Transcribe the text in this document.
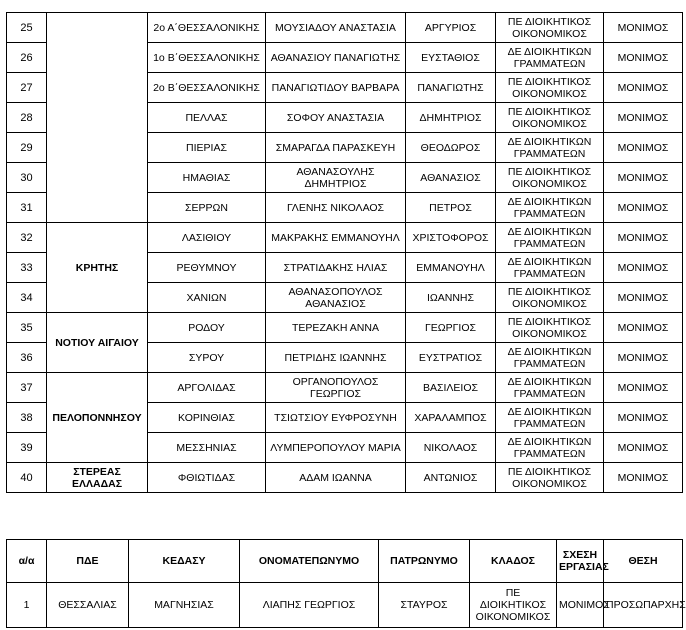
25		2ο Α΄ΘΕΣΣΑΛΟΝΙΚΗΣ	ΜΟΥΣΙΑΔΟΥ ΑΝΑΣΤΑΣΙΑ	ΑΡΓΥΡΙΟΣ	ΠΕ ΔΙΟΙΚΗΤΙΚΟΣ ΟΙΚΟΝΟΜΙΚΟΣ	ΜΟΝΙΜΟΣ
26		1ο Β΄ΘΕΣΣΑΛΟΝΙΚΗΣ	ΑΘΑΝΑΣΙΟΥ ΠΑΝΑΓΙΩΤΗΣ	ΕΥΣΤΑΘΙΟΣ	ΔΕ ΔΙΟΙΚΗΤΙΚΩΝ ΓΡΑΜΜΑΤΕΩΝ	ΜΟΝΙΜΟΣ
27		2ο Β΄ΘΕΣΣΑΛΟΝΙΚΗΣ	ΠΑΝΑΓΙΩΤΙΔΟΥ ΒΑΡΒΑΡΑ	ΠΑΝΑΓΙΩΤΗΣ	ΠΕ ΔΙΟΙΚΗΤΙΚΟΣ ΟΙΚΟΝΟΜΙΚΟΣ	ΜΟΝΙΜΟΣ
28		ΠΕΛΛΑΣ	ΣΟΦΟΥ ΑΝΑΣΤΑΣΙΑ	ΔΗΜΗΤΡΙΟΣ	ΠΕ ΔΙΟΙΚΗΤΙΚΟΣ ΟΙΚΟΝΟΜΙΚΟΣ	ΜΟΝΙΜΟΣ
29		ΠΙΕΡΙΑΣ	ΣΜΑΡΑΓΔΑ ΠΑΡΑΣΚΕΥΗ	ΘΕΟΔΩΡΟΣ	ΔΕ ΔΙΟΙΚΗΤΙΚΩΝ ΓΡΑΜΜΑΤΕΩΝ	ΜΟΝΙΜΟΣ
30		ΗΜΑΘΙΑΣ	ΑΘΑΝΑΣΟΥΛΗΣ ΔΗΜΗΤΡΙΟΣ	ΑΘΑΝΑΣΙΟΣ	ΠΕ ΔΙΟΙΚΗΤΙΚΟΣ ΟΙΚΟΝΟΜΙΚΟΣ	ΜΟΝΙΜΟΣ
31		ΣΕΡΡΩΝ	ΓΛΕΝΗΣ ΝΙΚΟΛΑΟΣ	ΠΕΤΡΟΣ	ΔΕ ΔΙΟΙΚΗΤΙΚΩΝ ΓΡΑΜΜΑΤΕΩΝ	ΜΟΝΙΜΟΣ
32	ΚΡΗΤΗΣ	ΛΑΣΙΘΙΟΥ	ΜΑΚΡΑΚΗΣ ΕΜΜΑΝΟΥΗΛ	ΧΡΙΣΤΟΦΟΡΟΣ	ΔΕ ΔΙΟΙΚΗΤΙΚΩΝ ΓΡΑΜΜΑΤΕΩΝ	ΜΟΝΙΜΟΣ
33		ΡΕΘΥΜΝΟΥ	ΣΤΡΑΤΙΔΑΚΗΣ ΗΛΙΑΣ	ΕΜΜΑΝΟΥΗΛ	ΔΕ ΔΙΟΙΚΗΤΙΚΩΝ ΓΡΑΜΜΑΤΕΩΝ	ΜΟΝΙΜΟΣ
34		ΧΑΝΙΩΝ	ΑΘΑΝΑΣΟΠΟΥΛΟΣ ΑΘΑΝΑΣΙΟΣ	ΙΩΑΝΝΗΣ	ΠΕ ΔΙΟΙΚΗΤΙΚΟΣ ΟΙΚΟΝΟΜΙΚΟΣ	ΜΟΝΙΜΟΣ
35	ΝΟΤΙΟΥ ΑΙΓΑΙΟΥ	ΡΟΔΟΥ	ΤΕΡΕΖΑΚΗ ΑΝΝΑ	ΓΕΩΡΓΙΟΣ	ΠΕ ΔΙΟΙΚΗΤΙΚΟΣ ΟΙΚΟΝΟΜΙΚΟΣ	ΜΟΝΙΜΟΣ
36		ΣΥΡΟΥ	ΠΕΤΡΙΔΗΣ ΙΩΑΝΝΗΣ	ΕΥΣΤΡΑΤΙΟΣ	ΔΕ ΔΙΟΙΚΗΤΙΚΩΝ ΓΡΑΜΜΑΤΕΩΝ	ΜΟΝΙΜΟΣ
37	ΠΕΛΟΠΟΝΝΗΣΟΥ	ΑΡΓΟΛΙΔΑΣ	ΟΡΓΑΝΟΠΟΥΛΟΣ ΓΕΩΡΓΙΟΣ	ΒΑΣΙΛΕΙΟΣ	ΔΕ ΔΙΟΙΚΗΤΙΚΩΝ ΓΡΑΜΜΑΤΕΩΝ	ΜΟΝΙΜΟΣ
38		ΚΟΡΙΝΘΙΑΣ	ΤΣΙΩΤΣΙΟΥ ΕΥΦΡΟΣΥΝΗ	ΧΑΡΑΛΑΜΠΟΣ	ΔΕ ΔΙΟΙΚΗΤΙΚΩΝ ΓΡΑΜΜΑΤΕΩΝ	ΜΟΝΙΜΟΣ
39		ΜΕΣΣΗΝΙΑΣ	ΛΥΜΠΕΡΟΠΟΥΛΟΥ ΜΑΡΙΑ	ΝΙΚΟΛΑΟΣ	ΔΕ ΔΙΟΙΚΗΤΙΚΩΝ ΓΡΑΜΜΑΤΕΩΝ	ΜΟΝΙΜΟΣ
40	ΣΤΕΡΕΑΣ ΕΛΛΑΔΑΣ	ΦΘΙΩΤΙΔΑΣ	ΑΔΑΜ ΙΩΑΝΝΑ	ΑΝΤΩΝΙΟΣ	ΠΕ ΔΙΟΙΚΗΤΙΚΟΣ ΟΙΚΟΝΟΜΙΚΟΣ	ΜΟΝΙΜΟΣ
α/α	ΠΔΕ	ΚΕΔΑΣΥ	ΟΝΟΜΑΤΕΠΩΝΥΜΟ	ΠΑΤΡΩΝΥΜΟ	ΚΛΑΔΟΣ	ΣΧΕΣΗ ΕΡΓΑΣΙΑΣ	ΘΕΣΗ
1	ΘΕΣΣΑΛΙΑΣ	ΜΑΓΝΗΣΙΑΣ	ΛΙΑΠΗΣ ΓΕΩΡΓΙΟΣ	ΣΤΑΥΡΟΣ	ΠΕ ΔΙΟΙΚΗΤΙΚΟΣ ΟΙΚΟΝΟΜΙΚΟΣ	ΜΟΝΙΜΟΣ	ΠΡΟΣΩΠΑΡΧΗΣ
